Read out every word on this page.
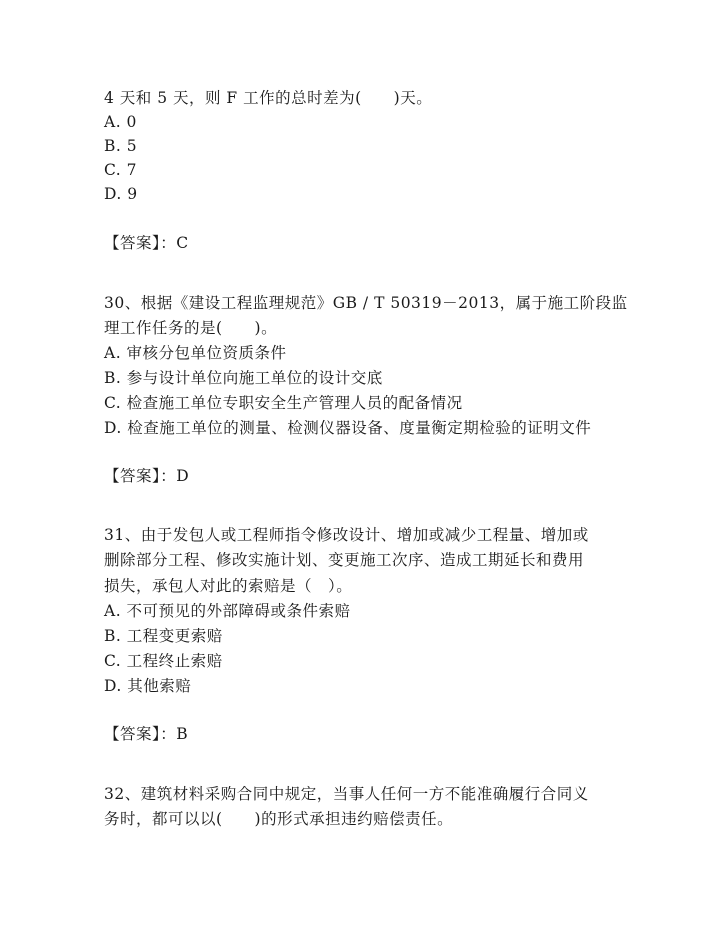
4 天和 5 天，则 F 工作的总时差为(　　)天。
A. 0
B. 5
C. 7
D. 9
【答案】：C
30、根据《建设工程监理规范》GB / T 50319－2013，属于施工阶段监
理工作任务的是(　　)。
A. 审核分包单位资质条件
B. 参与设计单位向施工单位的设计交底
C. 检查施工单位专职安全生产管理人员的配备情况
D. 检查施工单位的测量、检测仪器设备、度量衡定期检验的证明文件
【答案】：D
31、由于发包人或工程师指令修改设计、增加或减少工程量、增加或
删除部分工程、修改实施计划、变更施工次序、造成工期延长和费用
损失，承包人对此的索赔是（　）。
A. 不可预见的外部障碍或条件索赔
B. 工程变更索赔
C. 工程终止索赔
D. 其他索赔
【答案】：B
32、建筑材料采购合同中规定，当事人任何一方不能准确履行合同义
务时，都可以以(　　)的形式承担违约赔偿责任。
